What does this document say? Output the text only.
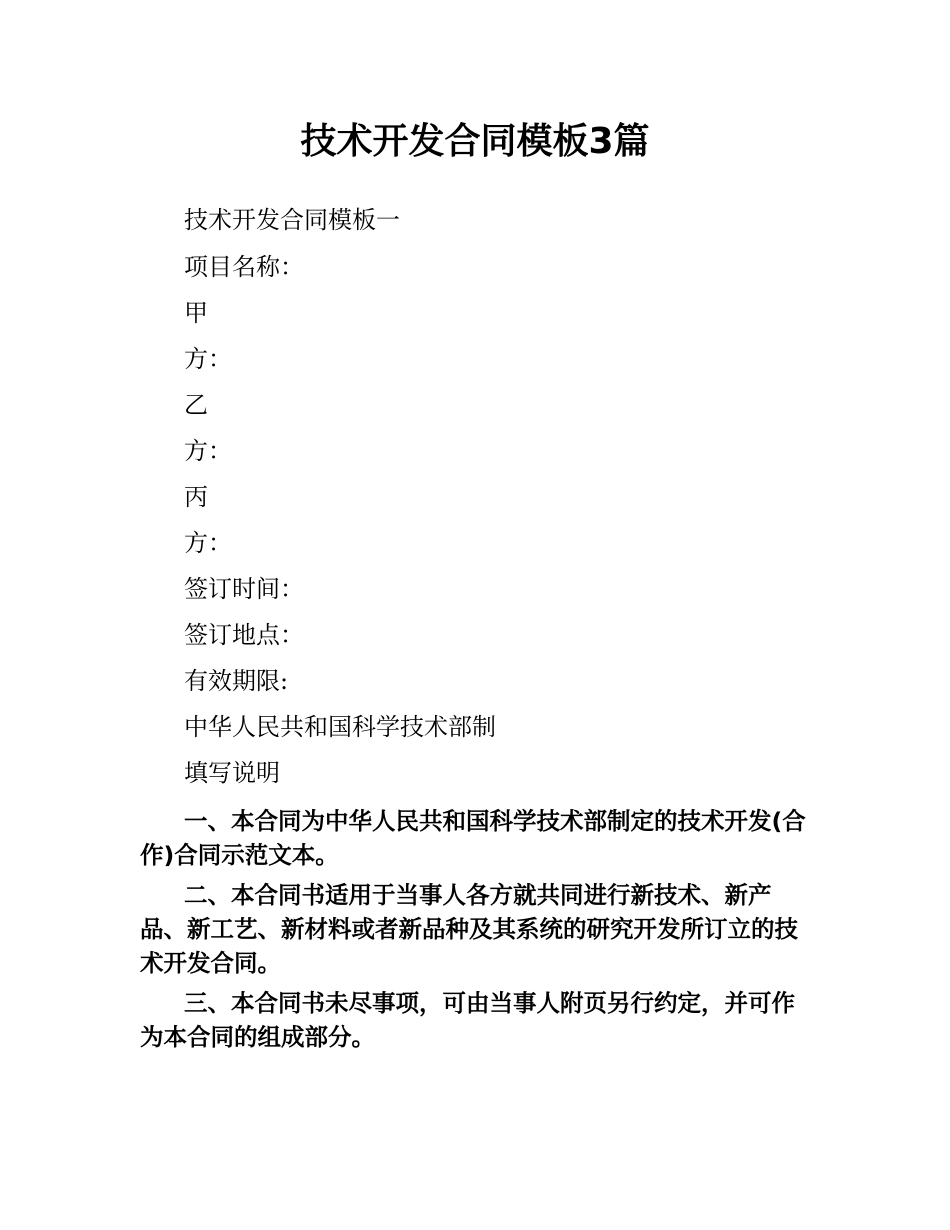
技术开发合同模板3篇

技术开发合同模板一

项目名称：

甲

方：

乙

方：

丙

方：

签订时间：

签订地点：

有效期限:

中华人民共和国科学技术部制

填写说明

一、本合同为中华人民共和国科学技术部制定的技术开发(合作)合同示范文本。

二、本合同书适用于当事人各方就共同进行新技术、新产品、新工艺、新材料或者新品种及其系统的研究开发所订立的技术开发合同。

三、本合同书未尽事项，可由当事人附页另行约定，并可作为本合同的组成部分。
